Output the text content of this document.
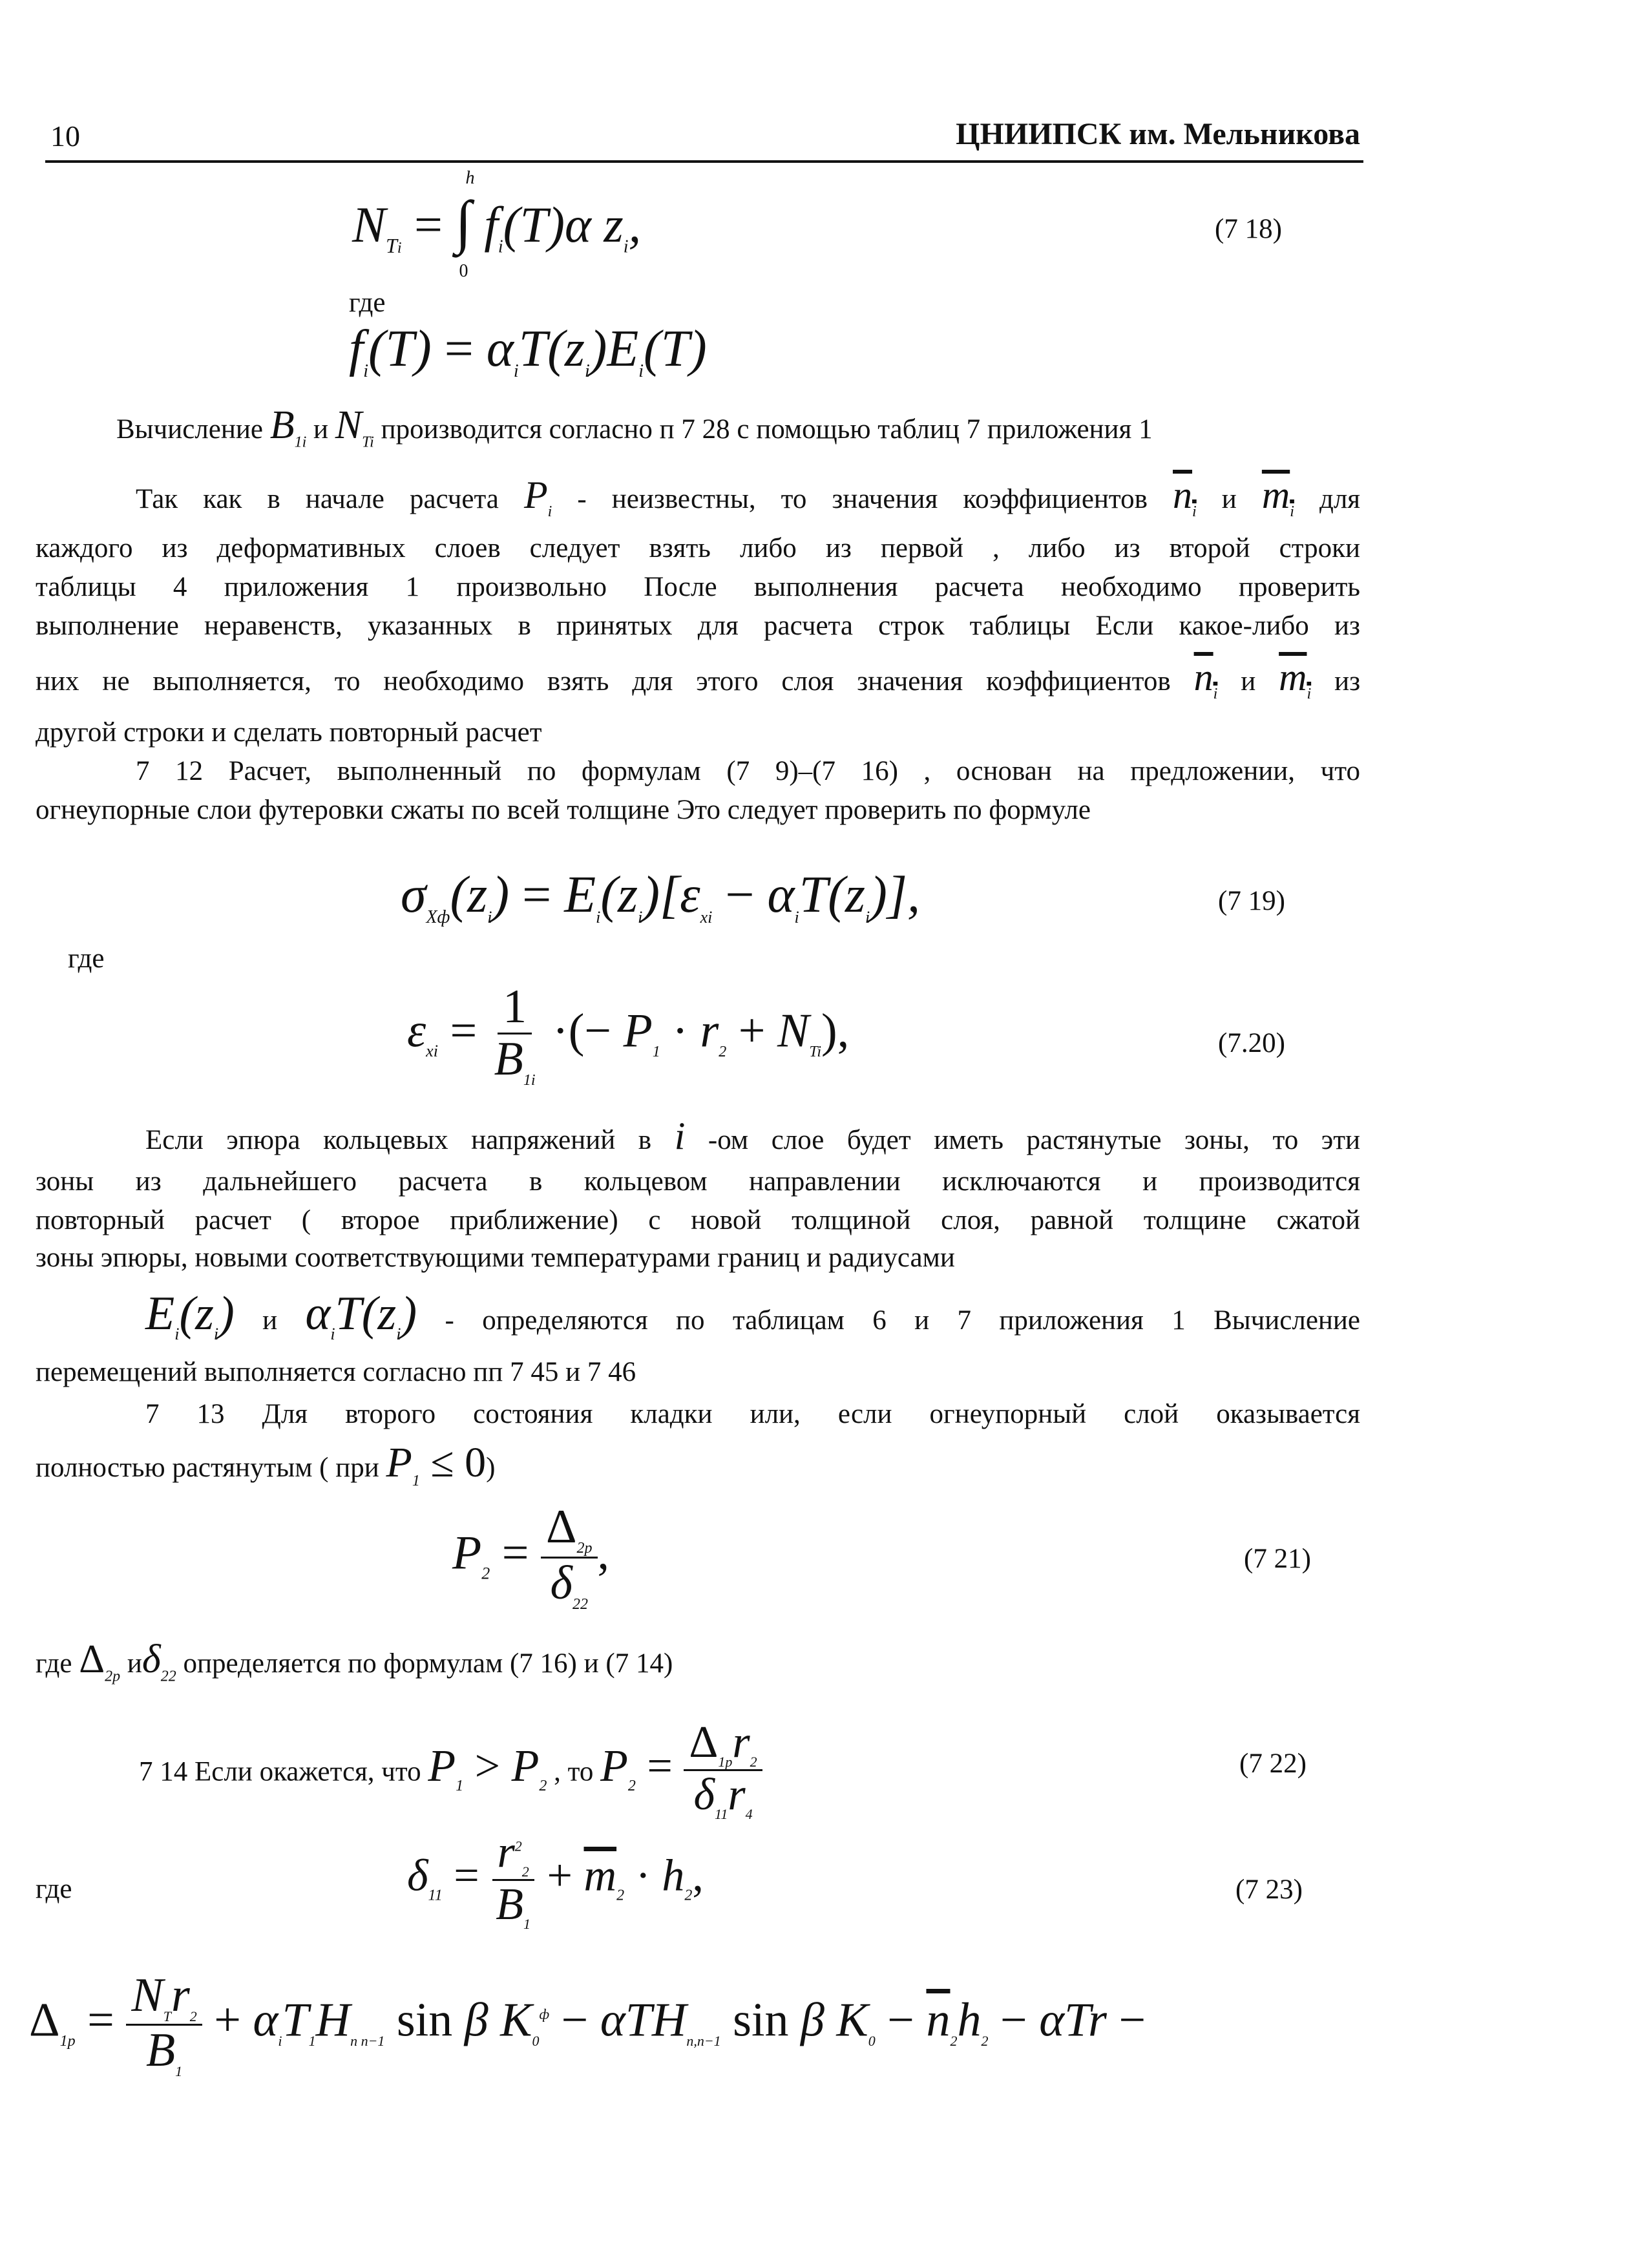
10	ЦНИИПСК им. Мельникова
$N_{Ti}$ = ∫
h
0
$f_i(T)\alpha$ $z_i$,	(7 18)
где
$f_i(T) = \alpha_iT(z_i)E_i(T)$
Вычисление $B_{1i}$ и $N_{Ti}$ производится согласно п 7 28 с помощью таблиц 7 приложения 1
Так как в начале расчета $P_i$ - неизвестны, то значения коэффициентов $n_i$ и $m_i$ для
каждого из деформативных слоев следует взять либо из первой , либо из второй строки
таблицы 4 приложения 1 произвольно После выполнения расчета необходимо проверить
выполнение неравенств, указанных в принятых для расчета строк таблицы Если какое-либо из
них не выполняется, то необходимо взять для этого слоя значения коэффициентов $n_i$ и $m_i$ из
другой строки и сделать повторный расчет
7 12 Расчет, выполненный по формулам (7 9)–(7 16) , основан на предложении, что
огнеупорные слои футеровки сжаты по всей толщине Это следует проверить по формуле
$\sigma_{Xф}(z_i) = E_i(z_i)[\varepsilon_{xi} - \alpha_iT(z_i)]$,	(7 19)
где
$\varepsilon_{xi} = \frac{1}{B_{1i}}$ ·(− $P_1 \cdot r_2 + N_{Ti}$),	(7.20)
Если эпюра кольцевых напряжений в i -ом слое будет иметь растянутые зоны, то эти
зоны из дальнейшего расчета в кольцевом направлении исключаются и производится
повторный расчет ( второе приближение) с новой толщиной слоя, равной толщине сжатой
зоны эпюры, новыми соответствующими температурами границ и радиусами
$E_i(z_i)$ и $\alpha_iT(z_i)$ - определяются по таблицам 6 и 7 приложения 1 Вычисление
перемещений выполняется согласно пп 7 45 и 7 46
7 13 Для второго состояния кладки или, если огнеупорный слой оказывается
полностью растянутым ( при $P_1 \le 0$)
$P_2 = \frac{\Delta_{2p}}{\delta_{22}}$ ,	(7 21)
где $\Delta_{2p}$ $и\delta_{22}$ определяется по формулам (7 16) и (7 14)
7 14 Если окажется, что $P_1 > P_2$ , то $P_2 = \frac{\Delta_{1p}r_2}{\delta_{11}r_4}$	(7 22)
где	$\delta_{11} = \frac{r^2_2}{B_1} + \overline{m}_2 \cdot h_2$,	(7 23)
$\Delta_{1p} = \frac{N_Tr_2}{B_1} + \alpha_iT_1H_{n n-1}$ sin β $K_0^ф - \alpha TH_{n,n-1}$ sin β $K_0 - \overline{n}_2h_2 - \alpha Tr$ −
